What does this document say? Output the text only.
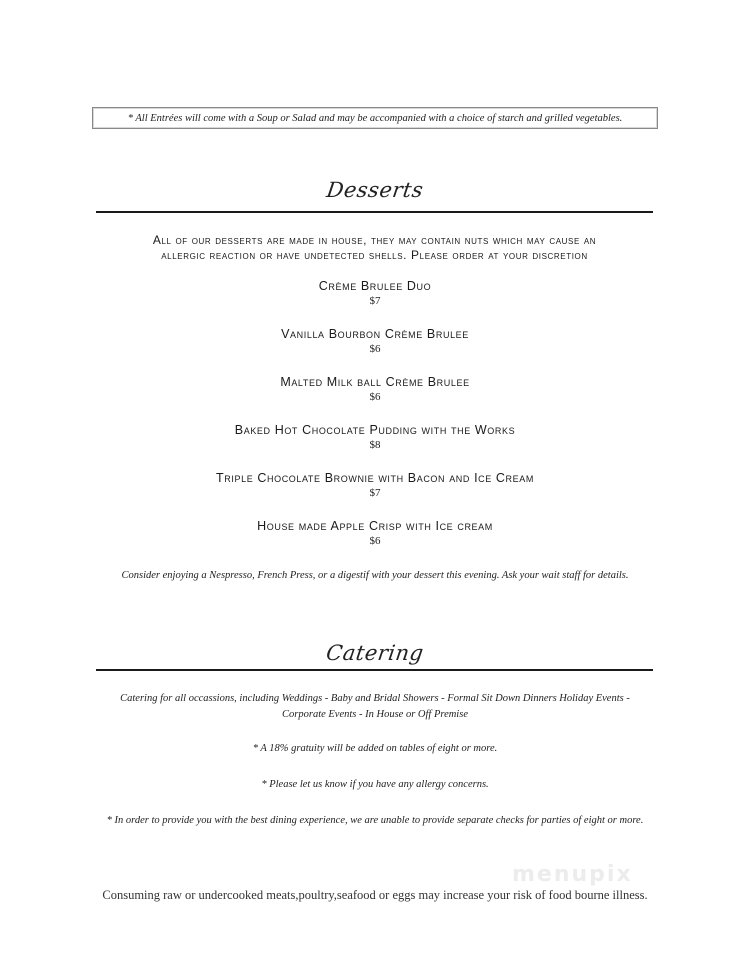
* All Entrées will come with a Soup or Salad and may be accompanied with a choice of starch and grilled vegetables.
Desserts
All of our desserts are made in house, they may contain nuts which may cause an
allergic reaction or have undetected shells. Please order at your discretion
Crème Brulee Duo
$7
Vanilla Bourbon Crème Brulee
$6
Malted Milk ball Crème Brulee
$6
Baked Hot Chocolate Pudding with the Works
$8
Triple Chocolate Brownie with Bacon and Ice Cream
$7
House made Apple Crisp with Ice cream
$6
Consider enjoying a Nespresso, French Press, or a digestif with your dessert this evening. Ask your wait staff for details.
Catering
Catering for all occassions, including Weddings - Baby and Bridal Showers - Formal Sit Down Dinners Holiday Events -
Corporate Events - In House or Off Premise
* A 18% gratuity will be added on tables of eight or more.
* Please let us know if you have any allergy concerns.
* In order to provide you with the best dining experience, we are unable to provide separate checks for parties of eight or more.
menupix
Consuming raw or undercooked meats,poultry,seafood or eggs may increase your risk of food bourne illness.
